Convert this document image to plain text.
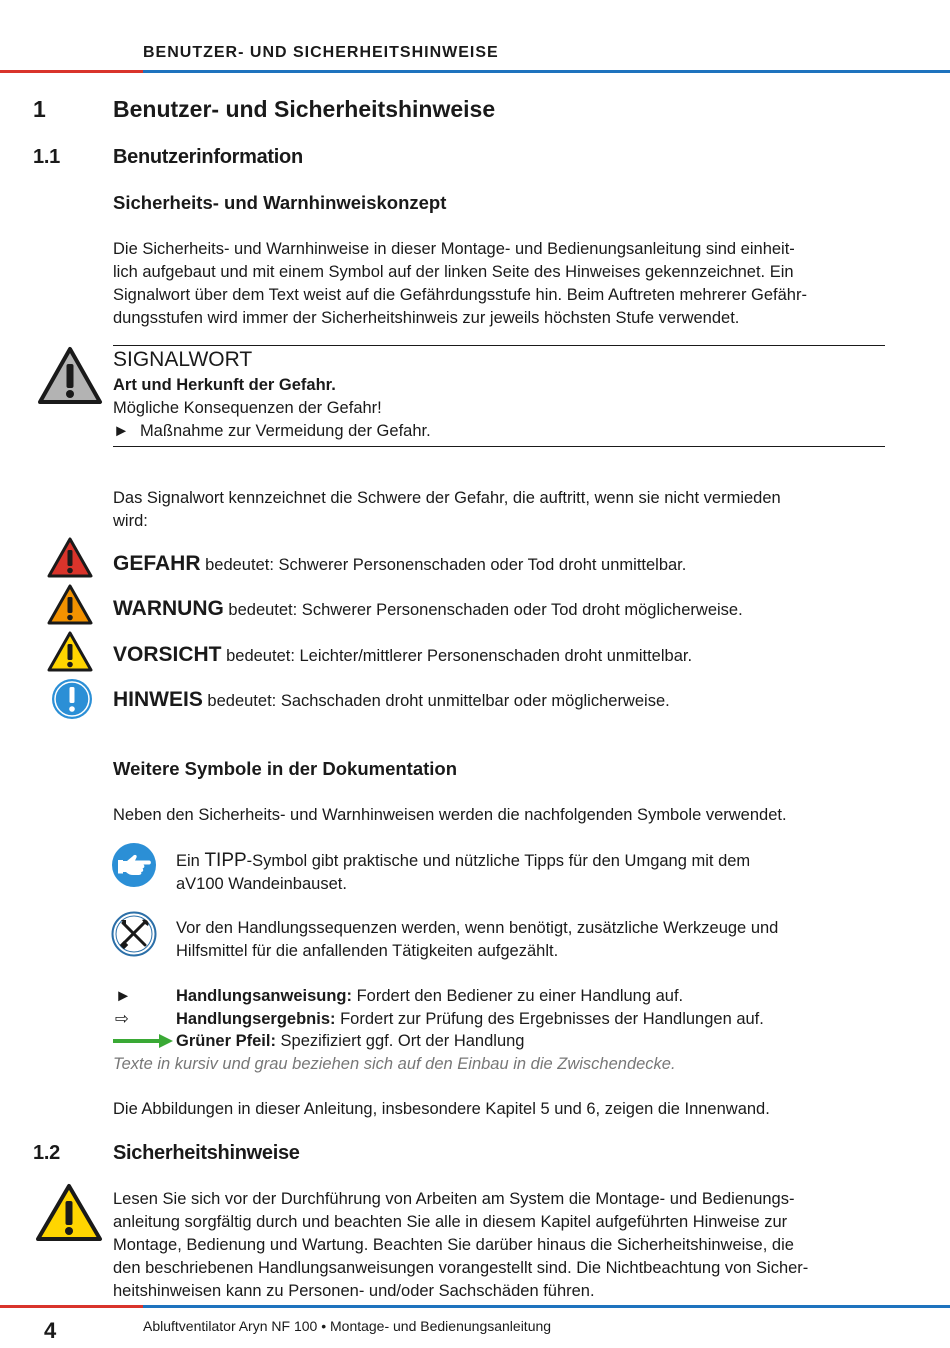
BENUTZER- UND SICHERHEITSHINWEISE
1	Benutzer- und Sicherheitshinweise
1.1	Benutzerinformation
Sicherheits- und Warnhinweiskonzept

Die Sicherheits- und Warnhinweise in dieser Montage- und Bedienungsanleitung sind einheit-

lich aufgebaut und mit einem Symbol auf der linken Seite des Hinweises gekennzeichnet. Ein

Signalwort über dem Text weist auf die Gefährdungsstufe hin. Beim Auftreten mehrerer Gefähr-

dungsstufen wird immer der Sicherheitshinweis zur jeweils höchsten Stufe verwendet.

SIGNALWORT
Art und Herkunft der Gefahr.
Mögliche Konsequenzen der Gefahr!
► Maßnahme zur Vermeidung der Gefahr.

Das Signalwort kennzeichnet die Schwere der Gefahr, die auftritt, wenn sie nicht vermieden

wird:

GEFAHR bedeutet: Schwerer Personenschaden oder Tod droht unmittelbar.
WARNUNG bedeutet: Schwerer Personenschaden oder Tod droht möglicherweise.
VORSICHT bedeutet: Leichter/mittlerer Personenschaden droht unmittelbar.
HINWEIS bedeutet: Sachschaden droht unmittelbar oder möglicherweise.
Weitere Symbole in der Dokumentation
Neben den Sicherheits- und Warnhinweisen werden die nachfolgenden Symbole verwendet.

Ein TIPP-Symbol gibt praktische und nützliche Tipps für den Umgang mit dem

aV100 Wandeinbauset.

Vor den Handlungssequenzen werden, wenn benötigt, zusätzliche Werkzeuge und

Hilfsmittel für die anfallenden Tätigkeiten aufgezählt.

►	Handlungsanweisung: Fordert den Bediener zu einer Handlung auf.
⇨	Handlungsergebnis: Fordert zur Prüfung des Ergebnisses der Handlungen auf.
Grüner Pfeil: Spezifiziert ggf. Ort der Handlung
Texte in kursiv und grau beziehen sich auf den Einbau in die Zwischendecke.
Die Abbildungen in dieser Anleitung, insbesondere Kapitel 5 und 6, zeigen die Innenwand.
1.2	Sicherheitshinweise

Lesen Sie sich vor der Durchführung von Arbeiten am System die Montage- und Bedienungs-

anleitung sorgfältig durch und beachten Sie alle in diesem Kapitel aufgeführten Hinweise zur

Montage, Bedienung und Wartung. Beachten Sie darüber hinaus die Sicherheitshinweise, die

den beschriebenen Handlungsanweisungen vorangestellt sind. Die Nichtbeachtung von Sicher-

heitshinweisen kann zu Personen- und/oder Sachschäden führen.

4	Abluftventilator Aryn NF 100 • Montage- und Bedienungsanleitung
